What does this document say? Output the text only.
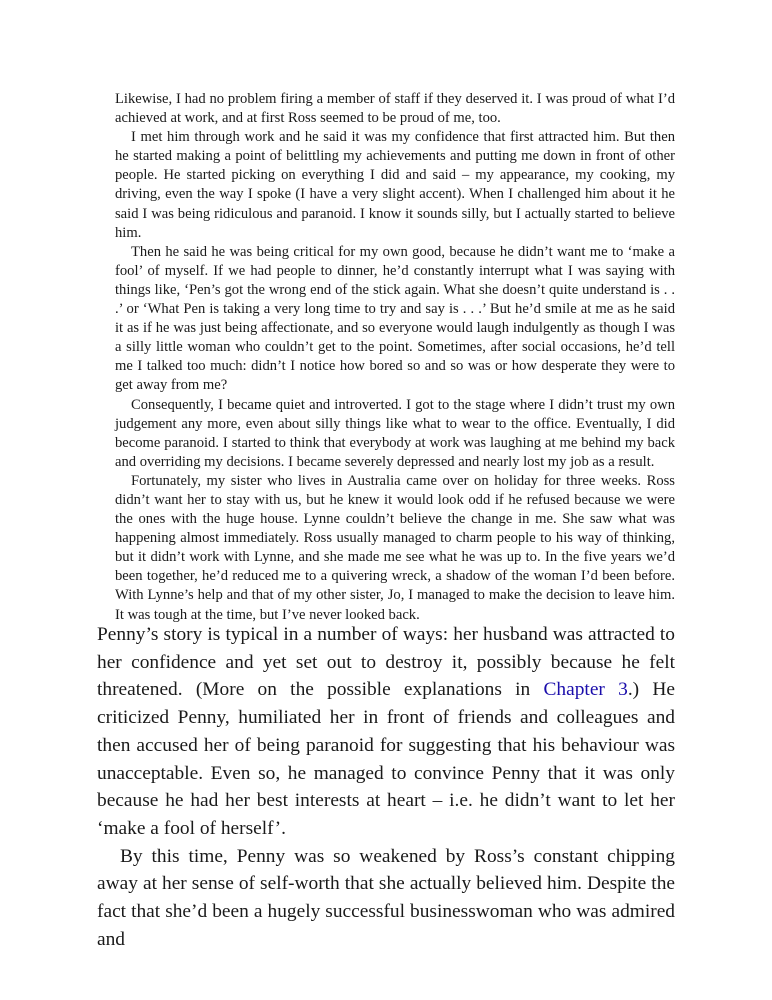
Likewise, I had no problem firing a member of staff if they deserved it. I was proud of what I’d achieved at work, and at first Ross seemed to be proud of me, too.

I met him through work and he said it was my confidence that first attracted him. But then he started making a point of belittling my achievements and putting me down in front of other people. He started picking on everything I did and said – my appearance, my cooking, my driving, even the way I spoke (I have a very slight accent). When I challenged him about it he said I was being ridiculous and paranoid. I know it sounds silly, but I actually started to believe him.

Then he said he was being critical for my own good, because he didn’t want me to ‘make a fool’ of myself. If we had people to dinner, he’d constantly interrupt what I was saying with things like, ‘Pen’s got the wrong end of the stick again. What she doesn’t quite understand is . . .’ or ‘What Pen is taking a very long time to try and say is . . .’ But he’d smile at me as he said it as if he was just being affectionate, and so everyone would laugh indulgently as though I was a silly little woman who couldn’t get to the point. Sometimes, after social occasions, he’d tell me I talked too much: didn’t I notice how bored so and so was or how desperate they were to get away from me?

Consequently, I became quiet and introverted. I got to the stage where I didn’t trust my own judgement any more, even about silly things like what to wear to the office. Eventually, I did become paranoid. I started to think that everybody at work was laughing at me behind my back and overriding my decisions. I became severely depressed and nearly lost my job as a result.

Fortunately, my sister who lives in Australia came over on holiday for three weeks. Ross didn’t want her to stay with us, but he knew it would look odd if he refused because we were the ones with the huge house. Lynne couldn’t believe the change in me. She saw what was happening almost immediately. Ross usually managed to charm people to his way of thinking, but it didn’t work with Lynne, and she made me see what he was up to. In the five years we’d been together, he’d reduced me to a quivering wreck, a shadow of the woman I’d been before. With Lynne’s help and that of my other sister, Jo, I managed to make the decision to leave him. It was tough at the time, but I’ve never looked back.

Penny’s story is typical in a number of ways: her husband was attracted to her confidence and yet set out to destroy it, possibly because he felt threatened. (More on the possible explanations in Chapter 3.) He criticized Penny, humiliated her in front of friends and colleagues and then accused her of being paranoid for suggesting that his behaviour was unacceptable. Even so, he managed to convince Penny that it was only because he had her best interests at heart – i.e. he didn’t want to let her ‘make a fool of herself’.

By this time, Penny was so weakened by Ross’s constant chipping away at her sense of self-worth that she actually believed him. Despite the fact that she’d been a hugely successful businesswoman who was admired and
